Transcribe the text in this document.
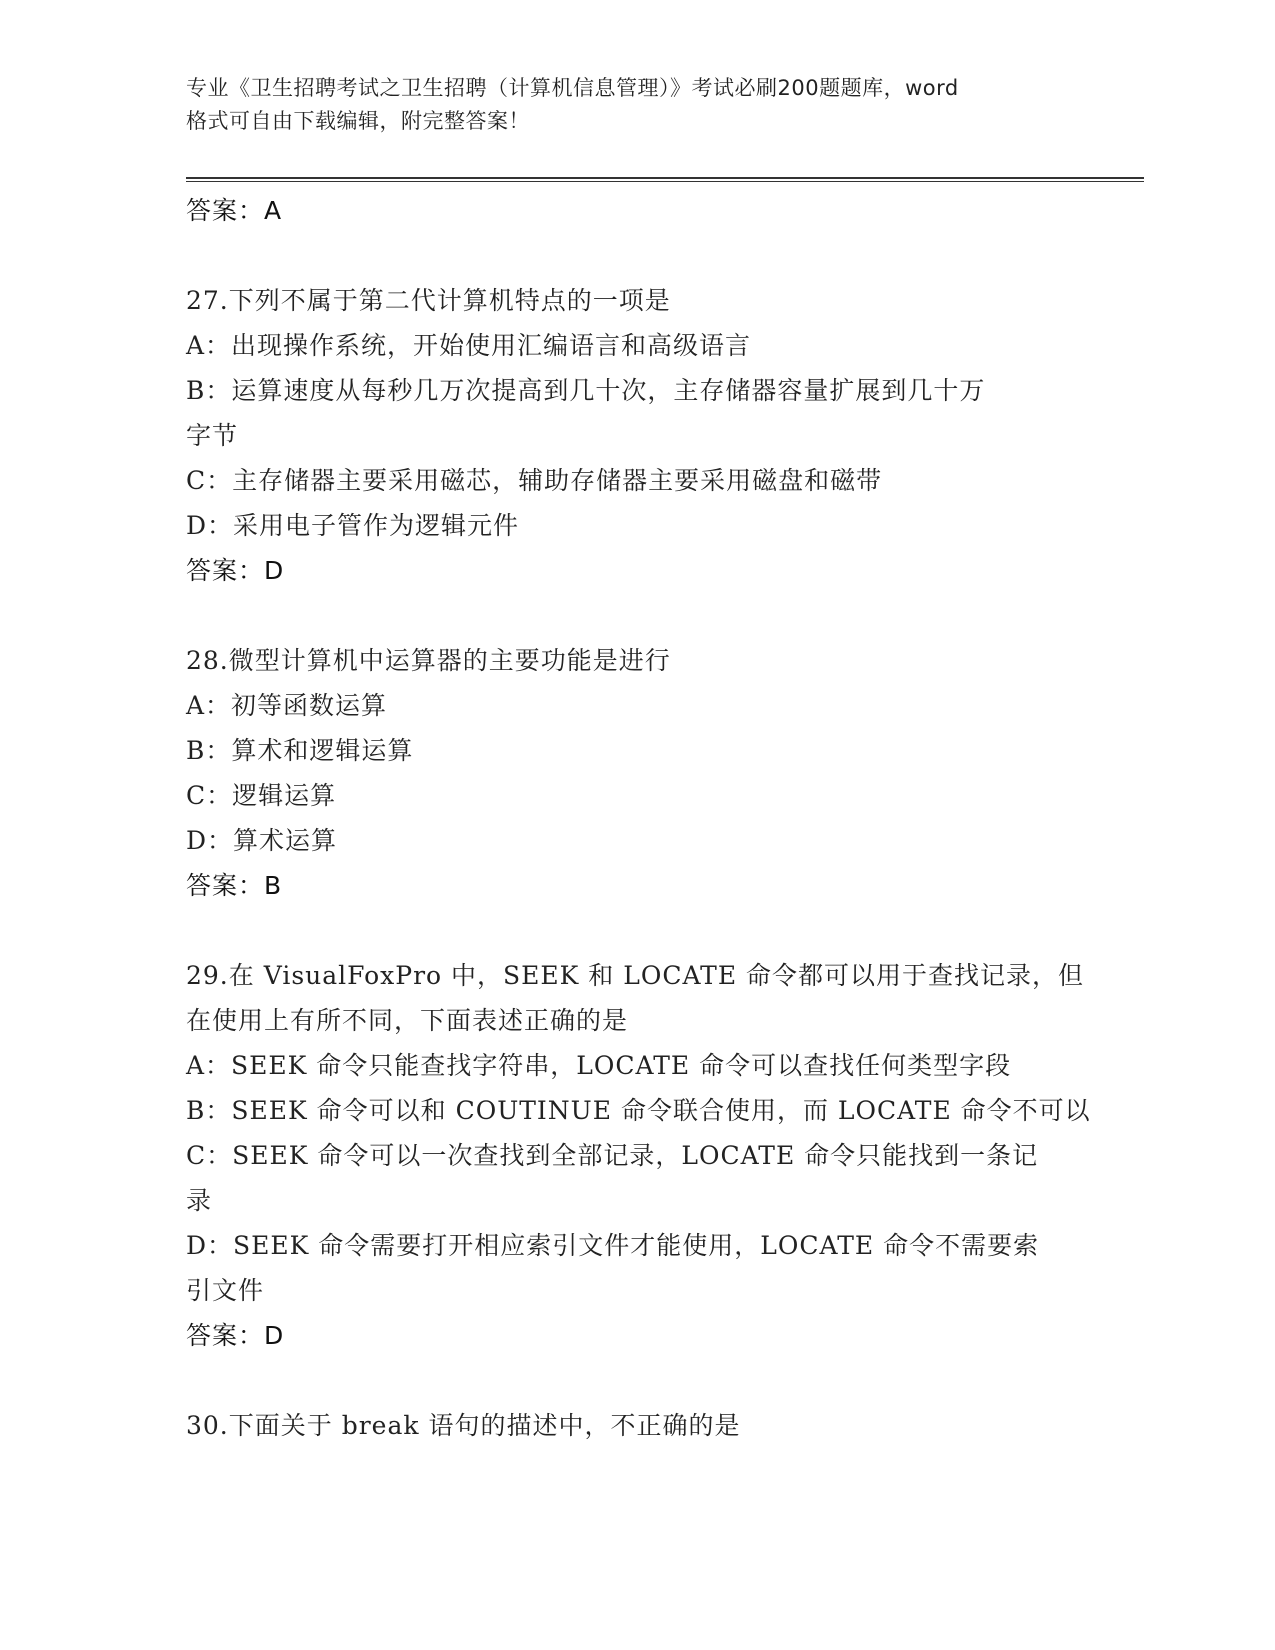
专业《卫生招聘考试之卫生招聘（计算机信息管理）》考试必刷200题题库，word
格式可自由下载编辑，附完整答案！
答案：A
27.下列不属于第二代计算机特点的一项是
A：出现操作系统，开始使用汇编语言和高级语言
B：运算速度从每秒几万次提高到几十次，主存储器容量扩展到几十万
字节
C：主存储器主要采用磁芯，辅助存储器主要采用磁盘和磁带
D：采用电子管作为逻辑元件
答案：D
28.微型计算机中运算器的主要功能是进行
A：初等函数运算
B：算术和逻辑运算
C：逻辑运算
D：算术运算
答案：B
29.在 VisualFoxPro 中，SEEK 和 LOCATE 命令都可以用于查找记录，但
在使用上有所不同，下面表述正确的是
A：SEEK 命令只能查找字符串，LOCATE 命令可以查找任何类型字段
B：SEEK 命令可以和 COUTINUE 命令联合使用，而 LOCATE 命令不可以
C：SEEK 命令可以一次查找到全部记录，LOCATE 命令只能找到一条记
录
D：SEEK 命令需要打开相应索引文件才能使用，LOCATE 命令不需要索
引文件
答案：D
30.下面关于 break 语句的描述中，不正确的是
